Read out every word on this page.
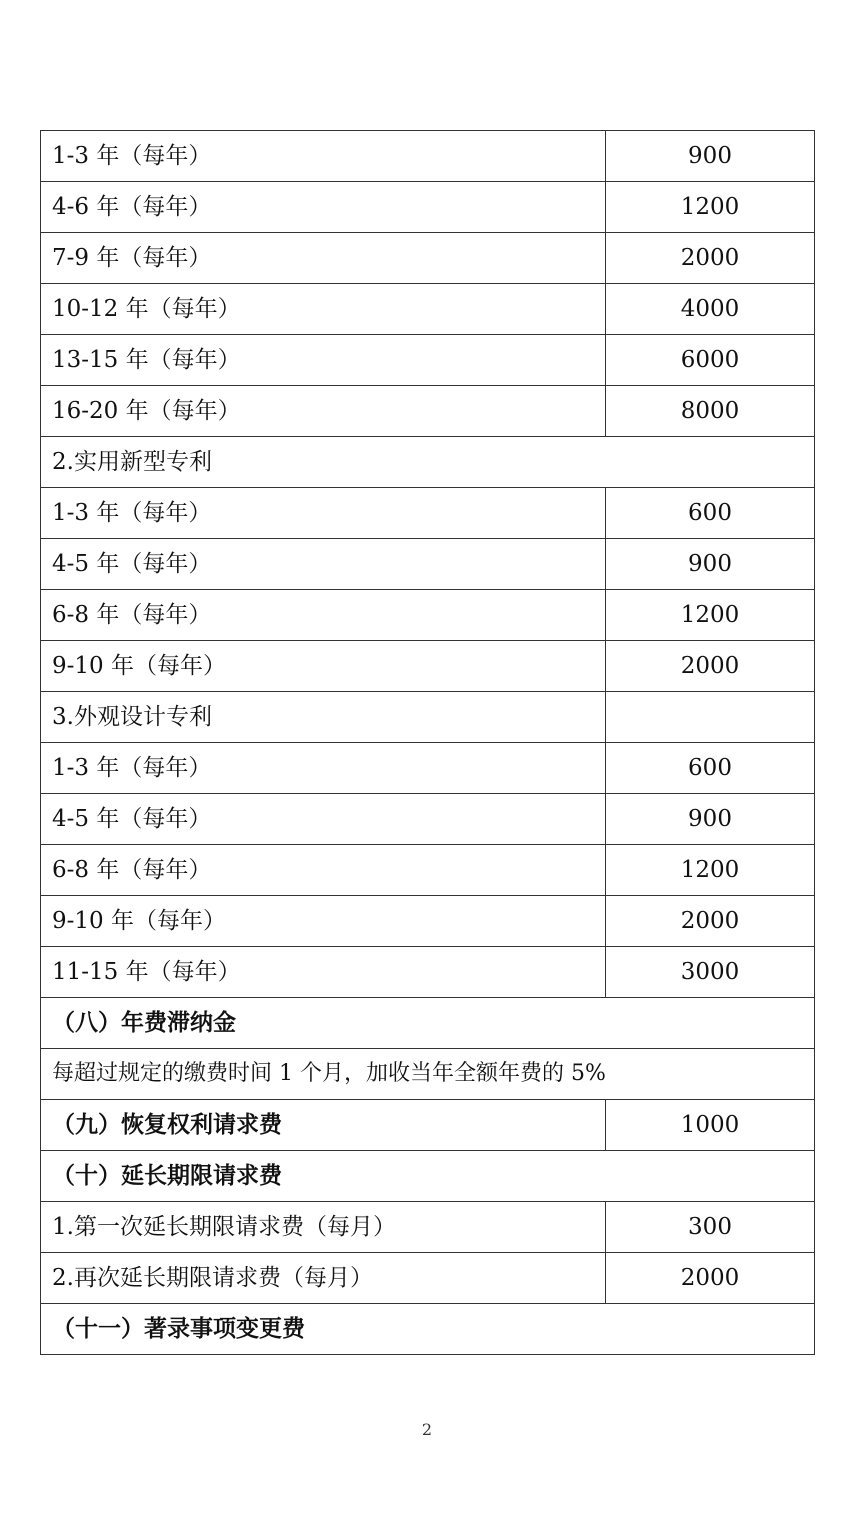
1-3 年（每年）	900
4-6 年（每年）	1200
7-9 年（每年）	2000
10-12 年（每年）	4000
13-15 年（每年）	6000
16-20 年（每年）	8000
2.实用新型专利	
1-3 年（每年）	600
4-5 年（每年）	900
6-8 年（每年）	1200
9-10 年（每年）	2000
3.外观设计专利	
1-3 年（每年）	600
4-5 年（每年）	900
6-8 年（每年）	1200
9-10 年（每年）	2000
11-15 年（每年）	3000
（八）年费滞纳金	
每超过规定的缴费时间 1 个月，加收当年全额年费的 5%	
（九）恢复权利请求费	1000
（十）延长期限请求费	
1.第一次延长期限请求费（每月）	300
2.再次延长期限请求费（每月）	2000
（十一）著录事项变更费	
2
